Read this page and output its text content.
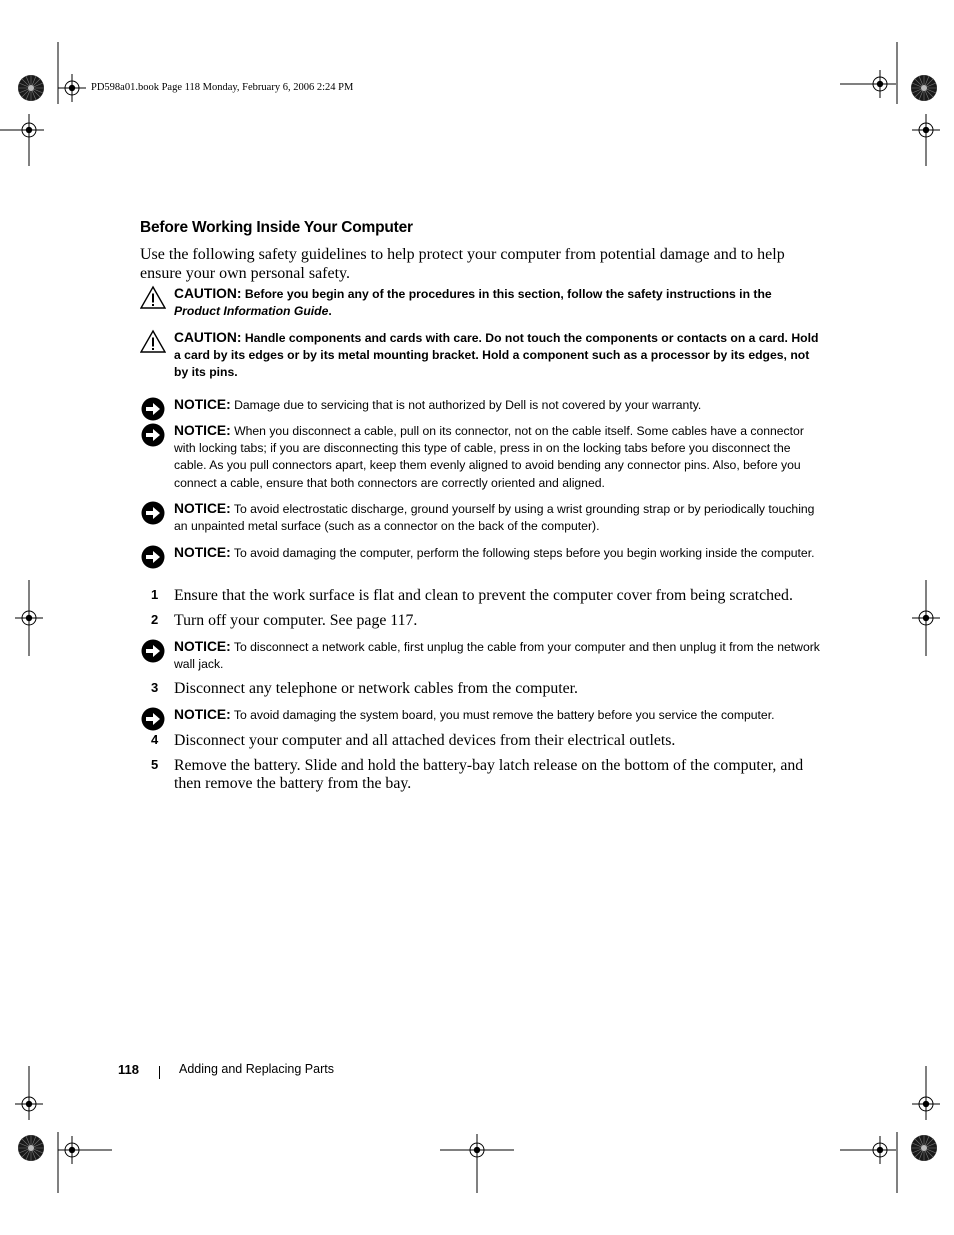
PD598a01.book Page 118 Monday, February 6, 2006 2:24 PM
Before Working Inside Your Computer
Use the following safety guidelines to help protect your computer from potential damage and to help ensure your own personal safety.
CAUTION: Before you begin any of the procedures in this section, follow the safety instructions in the Product Information Guide.
CAUTION: Handle components and cards with care. Do not touch the components or contacts on a card. Hold a card by its edges or by its metal mounting bracket. Hold a component such as a processor by its edges, not by its pins.
NOTICE: Damage due to servicing that is not authorized by Dell is not covered by your warranty.
NOTICE: When you disconnect a cable, pull on its connector, not on the cable itself. Some cables have a connector with locking tabs; if you are disconnecting this type of cable, press in on the locking tabs before you disconnect the cable. As you pull connectors apart, keep them evenly aligned to avoid bending any connector pins. Also, before you connect a cable, ensure that both connectors are correctly oriented and aligned.
NOTICE: To avoid electrostatic discharge, ground yourself by using a wrist grounding strap or by periodically touching an unpainted metal surface (such as a connector on the back of the computer).
NOTICE: To avoid damaging the computer, perform the following steps before you begin working inside the computer.
1 Ensure that the work surface is flat and clean to prevent the computer cover from being scratched.
2 Turn off your computer. See page 117.
NOTICE: To disconnect a network cable, first unplug the cable from your computer and then unplug it from the network wall jack.
3 Disconnect any telephone or network cables from the computer.
NOTICE: To avoid damaging the system board, you must remove the battery before you service the computer.
4 Disconnect your computer and all attached devices from their electrical outlets.
5 Remove the battery. Slide and hold the battery-bay latch release on the bottom of the computer, and then remove the battery from the bay.
118	Adding and Replacing Parts
